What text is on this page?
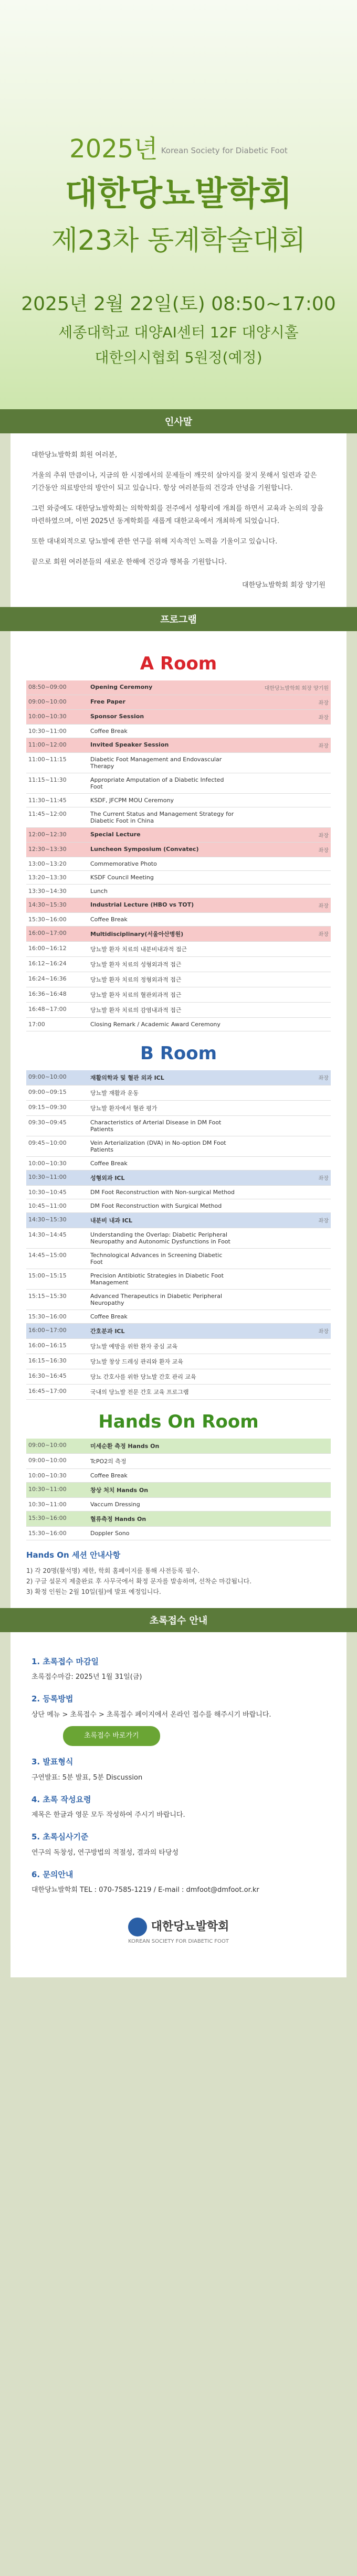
2025년 Korean Society for Diabetic Foot
대한당뇨발학회
제23차 동계학술대회
2025년 2월 22일(토) 08:50~17:00
세종대학교 대양AI센터 12F 대양시홀
대한의시협회 5원정(예정)
인사말

대한당뇨발학회 회원 여러분,

겨울의 추위 만큼이나, 지금의 한 시점에서의 문제들이 깨끗히 살아지를 찾지 못해서 일련과 같은 기간동안 의료방안의 방안이 되고 있습니다. 항상 여러분들의 건강과 안녕을 기원합니다.

그런 와중에도 대한당뇨발학회는 의학학회를 전주에서 성황리에 개최를 하면서 교육과 논의의 장을 마련하였으며, 이번 2025년 동계학회를 새롭게 대한교육에서 개최하게 되었습니다.

또한 대내외적으로 당뇨발에 관한 연구를 위해 지속적인 노력을 기울이고 있습니다.

끝으로 회원 여러분들의 새로운 한해에 건강과 행복을 기원합니다.

대한당뇨발학회 회장 양기원
프로그램
A Room
08:50~09:00	Opening Ceremony	대한당뇨발학회 회장 양기원
09:00~10:00	Free Paper	좌장
10:00~10:30	Sponsor Session	좌장
10:30~11:00	Coffee Break	
11:00~12:00	Invited Speaker Session	좌장
11:00~11:15	Diabetic Foot Management and Endovascular Therapy	
11:15~11:30	Appropriate Amputation of a Diabetic Infected Foot	
11:30~11:45	KSDF, JFCPM MOU Ceremony	
11:45~12:00	The Current Status and Management Strategy for Diabetic Foot in China	
12:00~12:30	Special Lecture	좌장
12:30~13:30	Luncheon Symposium (Convatec)	좌장
13:00~13:20	Commemorative Photo	
13:20~13:30	KSDF Council Meeting	
13:30~14:30	Lunch	
14:30~15:30	Industrial Lecture (HBO vs TOT)	좌장
15:30~16:00	Coffee Break	
16:00~17:00	Multidisciplinary(서울아산병원)	좌장
16:00~16:12	당뇨발 환자 치료의 내분비내과적 접근	
16:12~16:24	당뇨발 환자 치료의 성형외과적 접근	
16:24~16:36	당뇨발 환자 치료의 정형외과적 접근	
16:36~16:48	당뇨발 환자 치료의 혈관외과적 접근	
16:48~17:00	당뇨발 환자 치료의 감염내과적 접근	
17:00	Closing Remark / Academic Award Ceremony	
B Room
09:00~10:00	재활의학과 및 혈관 외과 ICL	좌장
09:00~09:15	당뇨발 재활과 운동	
09:15~09:30	당뇨발 환자에서 혈관 평가	
09:30~09:45	Characteristics of Arterial Disease in DM Foot Patients	
09:45~10:00	Vein Arterialization (DVA) in No-option DM Foot Patients	
10:00~10:30	Coffee Break	
10:30~11:00	성형외과 ICL	좌장
10:30~10:45	DM Foot Reconstruction with Non-surgical Method	
10:45~11:00	DM Foot Reconstruction with Surgical Method	
14:30~15:30	내분비 내과 ICL	좌장
14:30~14:45	Understanding the Overlap: Diabetic Peripheral Neuropathy and Autonomic Dysfunctions in Foot	
14:45~15:00	Technological Advances in Screening Diabetic Foot	
15:00~15:15	Precision Antibiotic Strategies in Diabetic Foot Management	
15:15~15:30	Advanced Therapeutics in Diabetic Peripheral Neuropathy	
15:30~16:00	Coffee Break	
16:00~17:00	간호분과 ICL	좌장
16:00~16:15	당뇨발 예방을 위한 환자 중심 교육	
16:15~16:30	당뇨발 창상 드레싱 관리와 환자 교육	
16:30~16:45	당뇨 간호사를 위한 당뇨발 간호 관리 교육	
16:45~17:00	국내의 당뇨발 전문 간호 교육 프로그램	
Hands On Room
09:00~10:00	미세순환 측정 Hands On	
09:00~10:00	TcPO2의 측정	
10:00~10:30	Coffee Break	
10:30~11:00	창상 처치 Hands On	
10:30~11:00	Vaccum Dressing	
15:30~16:00	혈류측정 Hands On	
15:30~16:00	Doppler Sono	
Hands On 세션 안내사항
1) 각 20명(활석명) 제한, 학회 홈페이지를 통해 사전등록 필수.
2) 구글 설문지 제출완료 후 사무국에서 확정 문자를 발송하며, 선착순 마감됩니다.
3) 확정 인원는 2월 10일(월)에 발표 예정입니다.
초록접수 안내
1. 초록접수 마감일
초록접수마감: 2025년 1월 31일(금)
2. 등록방법
상단 메뉴 > 초록접수 > 초록접수 페이지에서 온라인 접수를 해주시기 바랍니다.
초록접수 바로가기
3. 발표형식
구연발표: 5분 발표, 5분 Discussion
4. 초록 작성요령
제목은 한글과 영문 모두 작성하여 주시기 바랍니다.
5. 초록심사기준
연구의 독창성, 연구방법의 적절성, 결과의 타당성
6. 문의안내
대한당뇨발학회 TEL : 070-7585-1219 / E-mail : dmfoot@dmfoot.or.kr
대한당뇨발학회
KOREAN SOCIETY FOR DIABETIC FOOT
